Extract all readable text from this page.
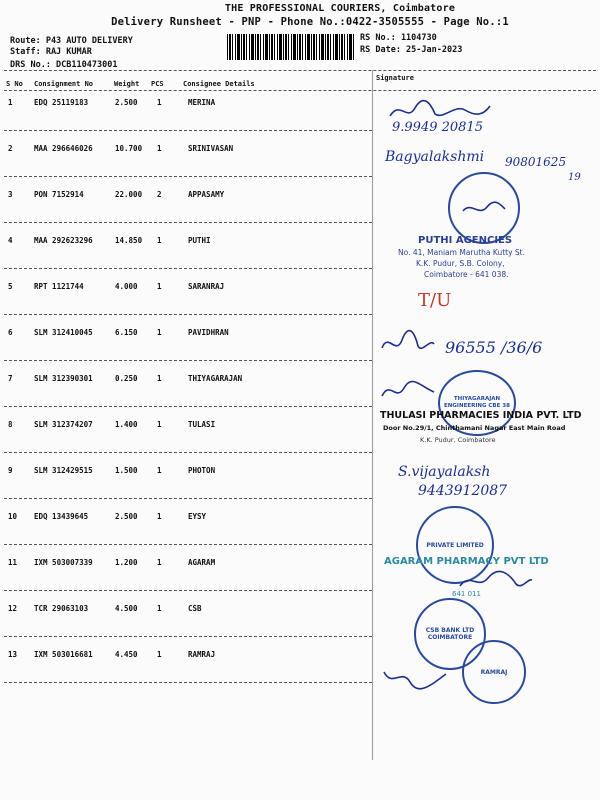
THE PROFESSIONAL COURIERS, Coimbatore
Delivery Runsheet - PNP - Phone No.:0422-3505555 - Page No.:1
Route: P43 AUTO DELIVERY
Staff: RAJ KUMAR
DRS No.: DCB110473001
RS No.: 1104730
RS Date: 25-Jan-2023
S No Consignment No	Weight PCS	Consignee Details
Signature
1	EDQ 25119183	2.500	1	MERINA
2	MAA 296646026	10.700 1	SRINIVASAN
3	PON 7152914	22.000 2	APPASAMY
4	MAA 292623296	14.850 1	PUTHI
5	RPT 1121744	4.000	1	SARANRAJ
6	SLM 312410045	6.150	1	PAVIDHRAN
7	SLM 312390301	0.250	1	THIYAGARAJAN
8	SLM 312374207	1.400	1	TULASI
9	SLM 312429515	1.500	1	PHOTON
10 EDQ 13439645	2.500	1	EYSY
11 IXM 503007339	1.200	1	AGARAM
12 TCR 29063103	4.500	1	CSB
13 IXM 503016681	4.450	1	RAMRAJ
9.9949 20815
Bagyalakshmi 90801625
19
PUTHI AGENCIES
No. 41, Maniam Marutha Kutty St.
K.K. Pudur, S.B. Colony,
Coimbatore - 641 038.
T/U
96555 /36/6
THIYAGARAJAN ENGINEERING CBE 38
THULASI PHARMACIES INDIA PVT. LTD
Door No.29/1, Chinthamani Nagar East Main Road
K.K. Pudur, Coimbatore
S.vijayalaksh
9443912087
PRIVATE LIMITED
AGARAM PHARMACY PVT LTD
641 011
CSB BANK LTD COIMBATORE
RAMRAJ
